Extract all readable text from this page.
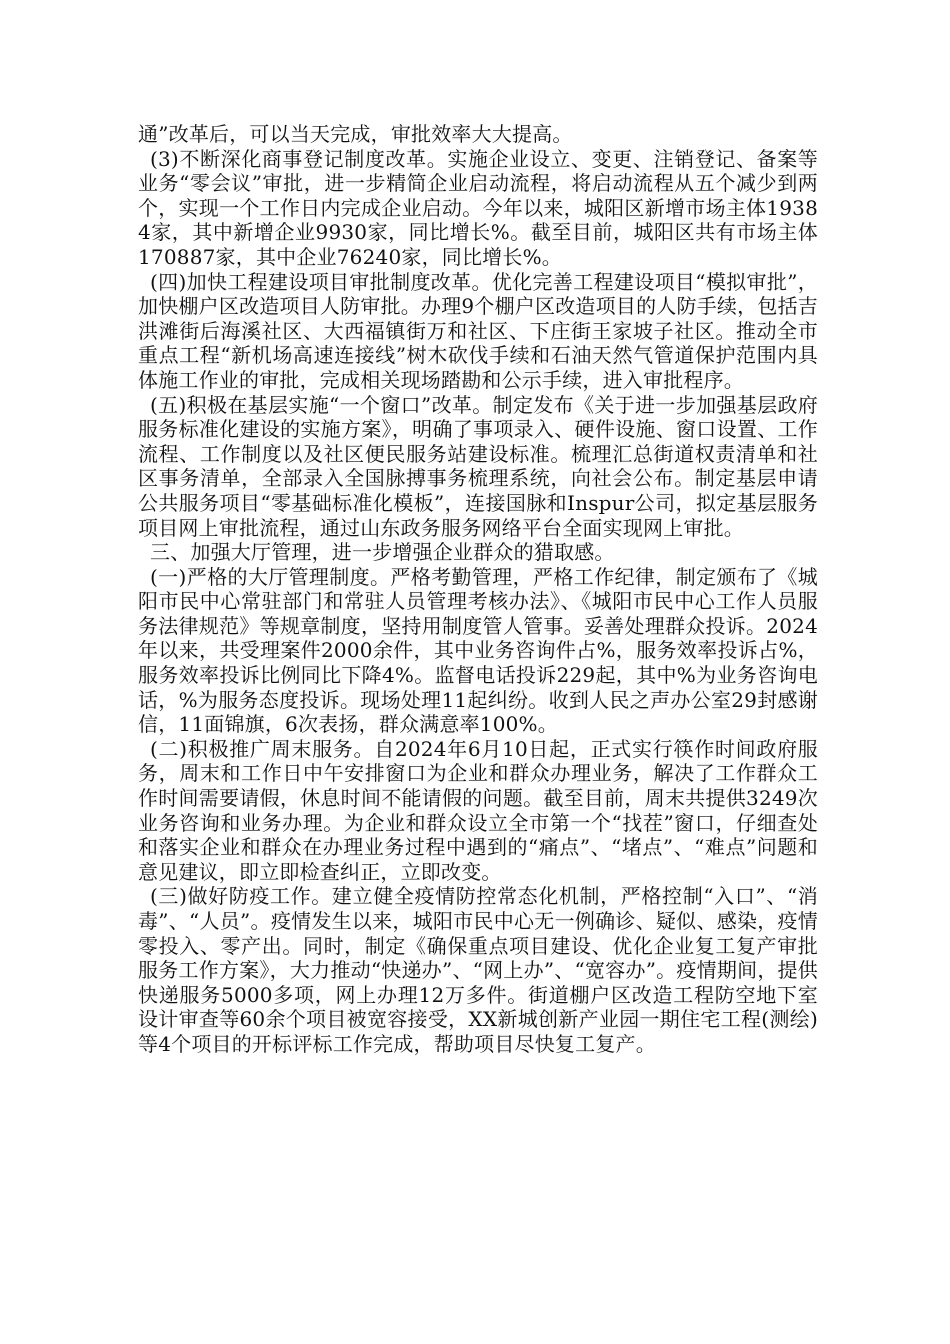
通”改革后，可以当天完成，审批效率大大提高。

(3)不断深化商事登记制度改革。实施企业设立、变更、注销登记、备案等业务“零会议”审批，进一步精简企业启动流程，将启动流程从五个减少到两个，实现一个工作日内完成企业启动。今年以来，城阳区新增市场主体19384家，其中新增企业9930家，同比增长%。截至目前，城阳区共有市场主体170887家，其中企业76240家，同比增长%。

(四)加快工程建设项目审批制度改革。优化完善工程建设项目“模拟审批”，加快棚户区改造项目人防审批。办理9个棚户区改造项目的人防手续，包括吉洪滩街后海溪社区、大西福镇街万和社区、下庄街王家坡子社区。推动全市重点工程“新机场高速连接线”树木砍伐手续和石油天然气管道保护范围内具体施工作业的审批，完成相关现场踏勘和公示手续，进入审批程序。

(五)积极在基层实施“一个窗口”改革。制定发布《关于进一步加强基层政府服务标准化建设的实施方案》，明确了事项录入、硬件设施、窗口设置、工作流程、工作制度以及社区便民服务站建设标准。梳理汇总街道权责清单和社区事务清单，全部录入全国脉搏事务梳理系统，向社会公布。制定基层申请公共服务项目“零基础标准化模板”，连接国脉和Inspur公司，拟定基层服务项目网上审批流程，通过山东政务服务网络平台全面实现网上审批。

三、加强大厅管理，进一步增强企业群众的猎取感。

(一)严格的大厅管理制度。严格考勤管理，严格工作纪律，制定颁布了《城阳市民中心常驻部门和常驻人员管理考核办法》、《城阳市民中心工作人员服务法律规范》等规章制度，坚持用制度管人管事。妥善处理群众投诉。2024年以来，共受理案件2000余件，其中业务咨询件占%，服务效率投诉占%，服务效率投诉比例同比下降4%。监督电话投诉229起，其中%为业务咨询电话，%为服务态度投诉。现场处理11起纠纷。收到人民之声办公室29封感谢信，11面锦旗，6次表扬，群众满意率100%。

(二)积极推广周末服务。自2024年6月10日起，正式实行筷作时间政府服务，周末和工作日中午安排窗口为企业和群众办理业务，解决了工作群众工作时间需要请假，休息时间不能请假的问题。截至目前，周末共提供3249次业务咨询和业务办理。为企业和群众设立全市第一个“找茬”窗口，仔细查处和落实企业和群众在办理业务过程中遇到的“痛点”、“堵点”、“难点”问题和意见建议，即立即检查纠正，立即改变。

(三)做好防疫工作。建立健全疫情防控常态化机制，严格控制“入口”、“消毒”、“人员”。疫情发生以来，城阳市民中心无一例确诊、疑似、感染，疫情零投入、零产出。同时，制定《确保重点项目建设、优化企业复工复产审批服务工作方案》，大力推动“快递办”、“网上办”、“宽容办”。疫情期间，提供快递服务5000多项，网上办理12万多件。街道棚户区改造工程防空地下室设计审查等60余个项目被宽容接受，XX新城创新产业园一期住宅工程(测绘)等4个项目的开标评标工作完成，帮助项目尽快复工复产。
